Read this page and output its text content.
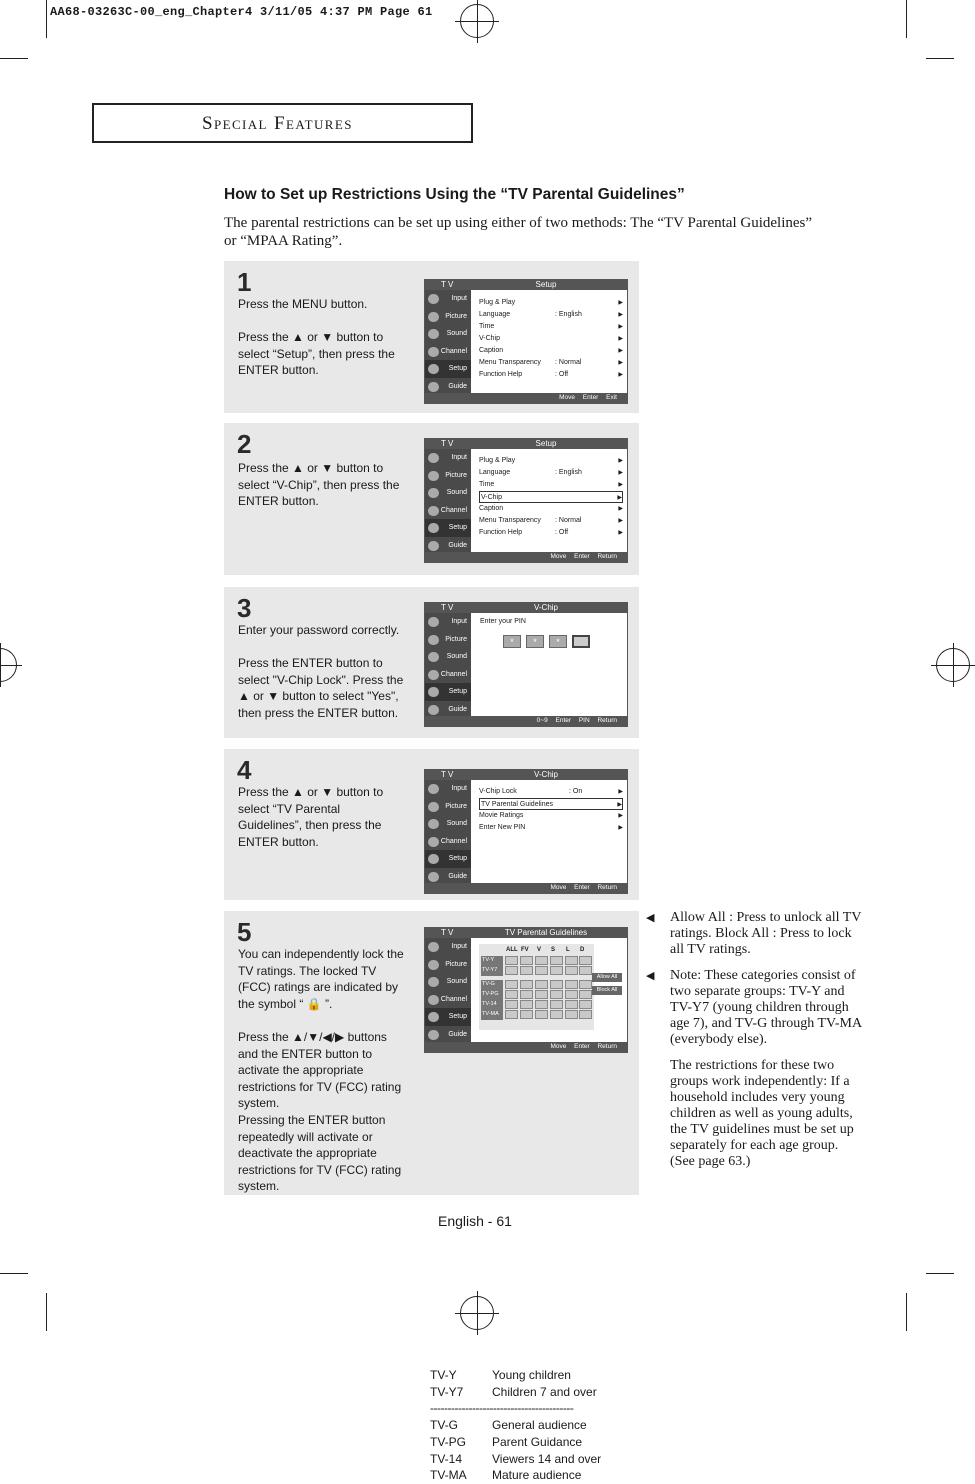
AA68-03263C-00_eng_Chapter4 3/11/05 4:37 PM Page 61
Special Features
How to Set up Restrictions Using the “TV Parental Guidelines”
The parental restrictions can be set up using either of two methods: The “TV Parental Guidelines” or “MPAA Rating”.
1
Press the MENU button.
Press the ▲ or ▼ button to select “Setup”, then press the ENTER button.
T V	Setup
Input
Picture
Sound
Channel
Setup
Guide
Plug & Play
▶
Language	: English
▶
Time
▶
V-Chip
▶
Caption
▶
Menu Transparency : Normal
▶
Function Help	: Off
▶
Move Enter Exit
2
Press the ▲ or ▼ button to select “V-Chip”, then press the ENTER button.
T V	Setup
Input
Picture
Sound
Channel
Setup
Guide
Plug & Play
▶
Language	: English
▶
Time
▶
V-Chip
▶
Caption
▶
Menu Transparency : Normal
▶
Function Help	: Off
▶
Move Enter Return
3
Enter your password correctly.
Press the ENTER button to select "V-Chip Lock". Press the ▲ or ▼ button to select "Yes", then press the ENTER button.
T V	V-Chip
Input
Picture
Sound
Channel
Setup
Guide
Enter your PIN
*	*	*
0~9 Enter PIN Return
4
Press the ▲ or ▼ button to select “TV Parental Guidelines”, then press the ENTER button.
T V	V-Chip
Input
Picture
Sound
Channel
Setup
Guide
V-Chip Lock	: On
▶
TV Parental Guidelines ▶
Movie Ratings ▶
Enter New PIN ▶
Move Enter Return
5
You can independently lock the TV ratings. The locked TV (FCC) ratings are indicated by the symbol “ 🔒 ”.
Press the ▲/▼/◀/▶ buttons and the ENTER button to activate the appropriate restrictions for TV (FCC) rating system.
Pressing the ENTER button repeatedly will activate or deactivate the appropriate restrictions for TV (FCC) rating system.
T V	TV Parental Guidelines
Input
Picture
Sound
Channel
Setup
Guide
ALL FV V S L D
TV-Y
TV-Y7
TV-G
TV-PG
TV-14
TV-MA
Allow All
Block All
Move Enter Return
TV-Y	Young children
TV-Y7 Children 7 and over
-----------------------------------------
TV-G	General audience
TV-PG Parent Guidance
TV-14 Viewers 14 and over
TV-MA Mature audience
◀	Allow All : Press to unlock all TV ratings. Block All : Press to lock all TV ratings.

◀	Note: These categories consist of two separate groups: TV-Y and TV-Y7 (young children through age 7), and TV-G through TV-MA (everybody else).

The restrictions for these two groups work independently: If a household includes very young children as well as young adults, the TV guidelines must be set up separately for each age group. (See page 63.)

English - 61
